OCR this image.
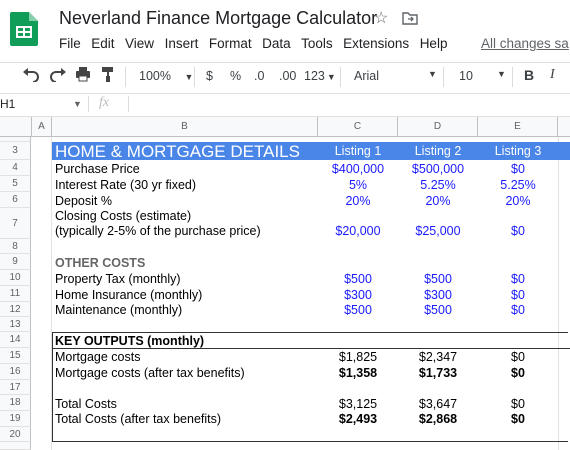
Neverland Finance Mortgage Calculator
☆
File Edit View Insert Format Data Tools Extensions Help	All changes sa
100% ▼ $ % .0 .00 123 ▼ Arial	▼ 10	▼ B I
H1	▼ fx
A	B	C	D	E
3
4
5
6
7
8
9
10
11
12
13
14
15
16
17
18
19
20
HOME & MORTGAGE DETAILS	Listing 1	Listing 2	Listing 3
Purchase Price	$400,000	$500,000	$0
Interest Rate (30 yr fixed)	5%	5.25%	5.25%
Deposit %	20%	20%	20%
Closing Costs (estimate)
(typically 2-5% of the purchase price)	$20,000	$25,000	$0
OTHER COSTS
Property Tax (monthly)	$500	$500	$0
Home Insurance (monthly)	$300	$300	$0
Maintenance (monthly)	$500	$500	$0
KEY OUTPUTS (monthly)
Mortgage costs	$1,825	$2,347	$0
Mortgage costs (after tax benefits)	$1,358	$1,733	$0
Total Costs	$3,125	$3,647	$0
Total Costs (after tax benefits)	$2,493	$2,868	$0
